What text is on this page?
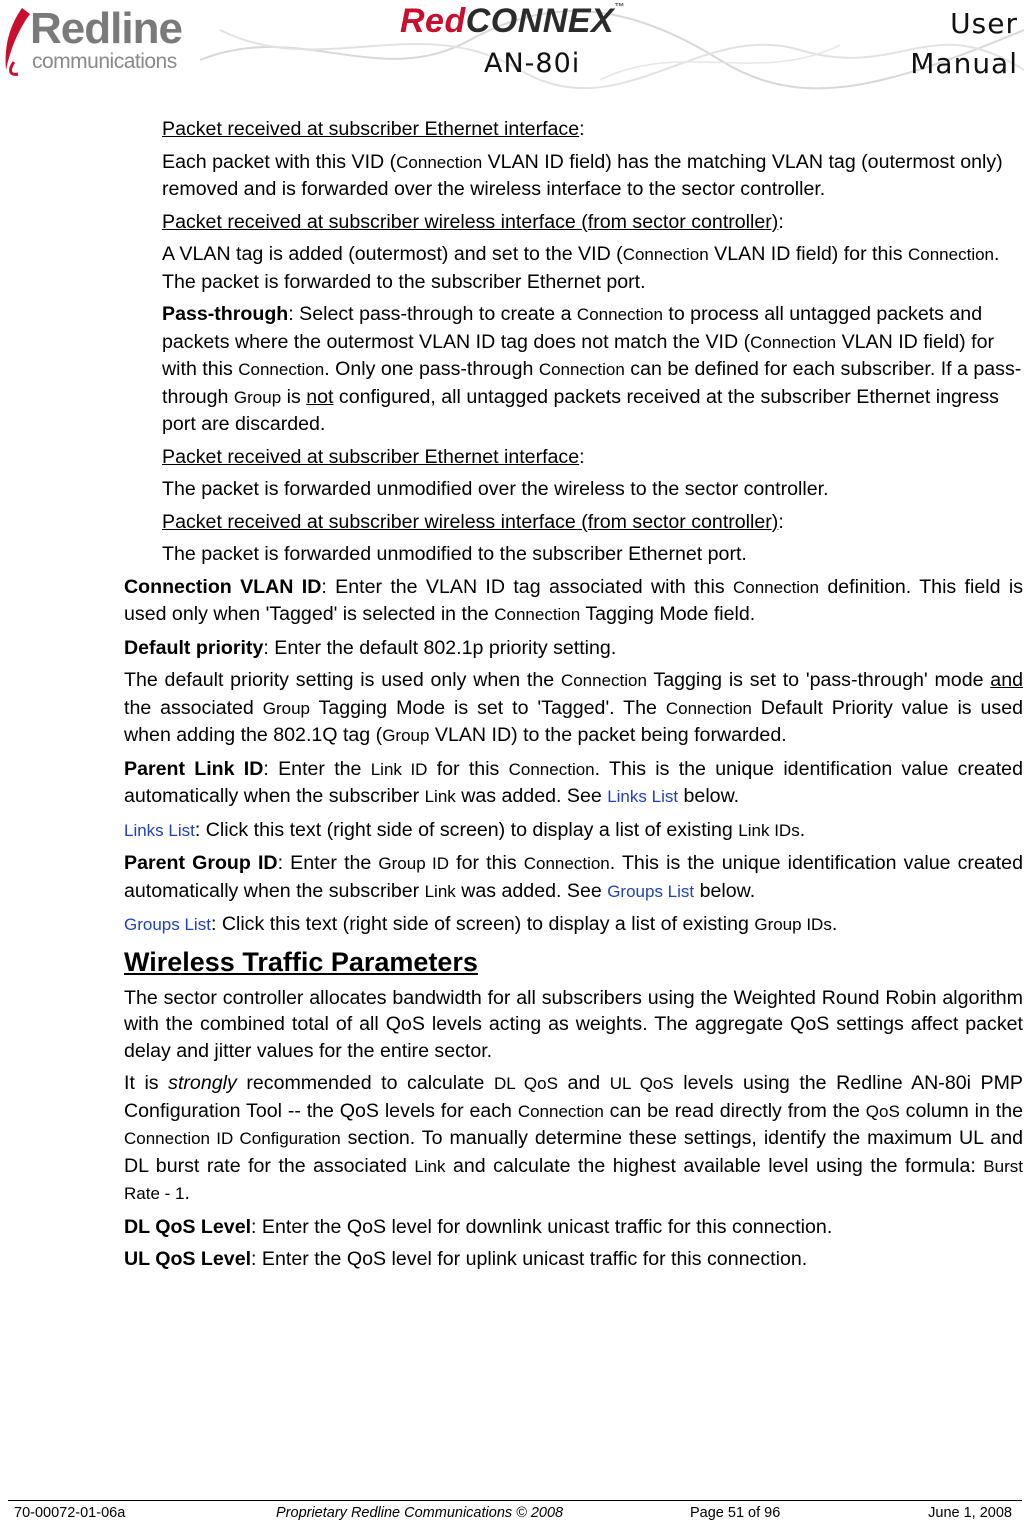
Redline
communications
RedCONNEX™
AN-80i
User
Manual

Packet received at subscriber Ethernet interface:

Each packet with this VID (Connection VLAN ID field) has the matching VLAN tag (outermost only) removed and is forwarded over the wireless interface to the sector controller.

Packet received at subscriber wireless interface (from sector controller):

A VLAN tag is added (outermost) and set to the VID (Connection VLAN ID field) for this Connection. The packet is forwarded to the subscriber Ethernet port.

Pass-through: Select pass-through to create a Connection to process all untagged packets and packets where the outermost VLAN ID tag does not match the VID (Connection VLAN ID field) for with this Connection. Only one pass-through Connection can be defined for each subscriber. If a pass-through Group is not configured, all untagged packets received at the subscriber Ethernet ingress port are discarded.

Packet received at subscriber Ethernet interface:

The packet is forwarded unmodified over the wireless to the sector controller.

Packet received at subscriber wireless interface (from sector controller):

The packet is forwarded unmodified to the subscriber Ethernet port.

Connection VLAN ID: Enter the VLAN ID tag associated with this Connection definition. This field is used only when 'Tagged' is selected in the Connection Tagging Mode field.

Default priority: Enter the default 802.1p priority setting.

The default priority setting is used only when the Connection Tagging is set to 'pass-through' mode and the associated Group Tagging Mode is set to 'Tagged'. The Connection Default Priority value is used when adding the 802.1Q tag (Group VLAN ID) to the packet being forwarded.

Parent Link ID: Enter the Link ID for this Connection. This is the unique identification value created automatically when the subscriber Link was added. See Links List below.

Links List: Click this text (right side of screen) to display a list of existing Link IDs.

Parent Group ID: Enter the Group ID for this Connection. This is the unique identification value created automatically when the subscriber Link was added. See Groups List below.

Groups List: Click this text (right side of screen) to display a list of existing Group IDs.

Wireless Traffic Parameters

The sector controller allocates bandwidth for all subscribers using the Weighted Round Robin algorithm with the combined total of all QoS levels acting as weights. The aggregate QoS settings affect packet delay and jitter values for the entire sector.

It is strongly recommended to calculate DL QoS and UL QoS levels using the Redline AN-80i PMP Configuration Tool -- the QoS levels for each Connection can be read directly from the QoS column in the Connection ID Configuration section. To manually determine these settings, identify the maximum UL and DL burst rate for the associated Link and calculate the highest available level using the formula: Burst Rate - 1.

DL QoS Level: Enter the QoS level for downlink unicast traffic for this connection.

UL QoS Level: Enter the QoS level for uplink unicast traffic for this connection.

70-00072-01-06a	Proprietary Redline Communications © 2008	Page 51 of 96	June 1, 2008
